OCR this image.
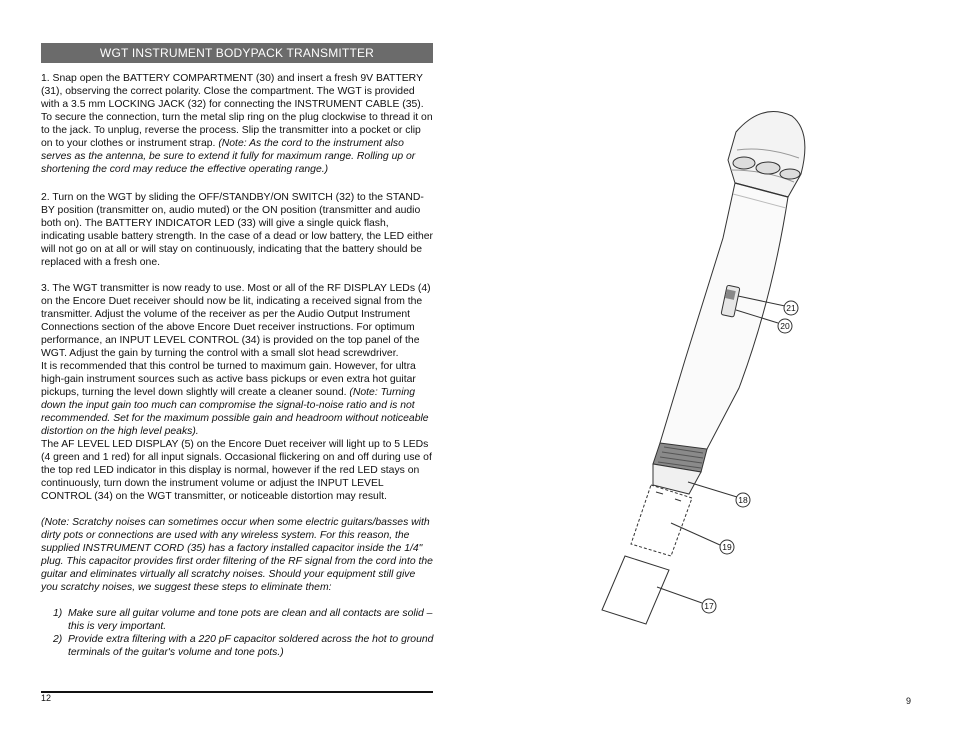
WGT INSTRUMENT BODYPACK TRANSMITTER

1. Snap open the BATTERY COMPARTMENT (30) and insert a fresh 9V BATTERY (31), observing the correct polarity. Close the compartment. The WGT is provided with a 3.5 mm LOCKING JACK (32) for connecting the INSTRUMENT CABLE (35). To secure the connection, turn the metal slip ring on the plug clockwise to thread it on to the jack. To unplug, reverse the process. Slip the transmitter into a pocket or clip on to your clothes or instrument strap. (Note: As the cord to the instrument also serves as the antenna, be sure to extend it fully for maximum range. Rolling up or shortening the cord may reduce the effective operating range.)

2. Turn on the WGT by sliding the OFF/STANDBY/ON SWITCH (32) to the STAND-BY position (transmitter on, audio muted) or the ON position (transmitter and audio both on). The BATTERY INDICATOR LED (33) will give a single quick flash, indicating usable battery strength. In the case of a dead or low battery, the LED either will not go on at all or will stay on continuously, indicating that the battery should be replaced with a fresh one.

3. The WGT transmitter is now ready to use. Most or all of the RF DISPLAY LEDs (4) on the Encore Duet receiver should now be lit, indicating a received signal from the transmitter. Adjust the volume of the receiver as per the Audio Output Instrument Connections section of the above Encore Duet receiver instructions. For optimum performance, an INPUT LEVEL CONTROL (34) is provided on the top panel of the WGT. Adjust the gain by turning the control with a small slot head screwdriver.

It is recommended that this control be turned to maximum gain. However, for ultra high-gain instrument sources such as active bass pickups or even extra hot guitar pickups, turning the level down slightly will create a cleaner sound. (Note: Turning down the input gain too much can compromise the signal-to-noise ratio and is not recommended. Set for the maximum possible gain and headroom without noticeable distortion on the high level peaks).

The AF LEVEL LED DISPLAY (5) on the Encore Duet receiver will light up to 5 LEDs (4 green and 1 red) for all input signals. Occasional flickering on and off during use of the top red LED indicator in this display is normal, however if the red LED stays on continuously, turn down the instrument volume or adjust the INPUT LEVEL CONTROL (34) on the WGT transmitter, or noticeable distortion may result.

(Note: Scratchy noises can sometimes occur when some electric guitars/basses with dirty pots or connections are used with any wireless system. For this reason, the supplied INSTRUMENT CORD (35) has a factory installed capacitor inside the 1/4" plug. This capacitor provides first order filtering of the RF signal from the cord into the guitar and eliminates virtually all scratchy noises. Should your equipment still give you scratchy noises, we suggest these steps to eliminate them:

1) Make sure all guitar volume and tone pots are clean and all contacts are solid – this is very important.
2) Provide extra filtering with a 220 pF capacitor soldered across the hot to ground terminals of the guitar's volume and tone pots.)
12	9
21
20
18
19
17
